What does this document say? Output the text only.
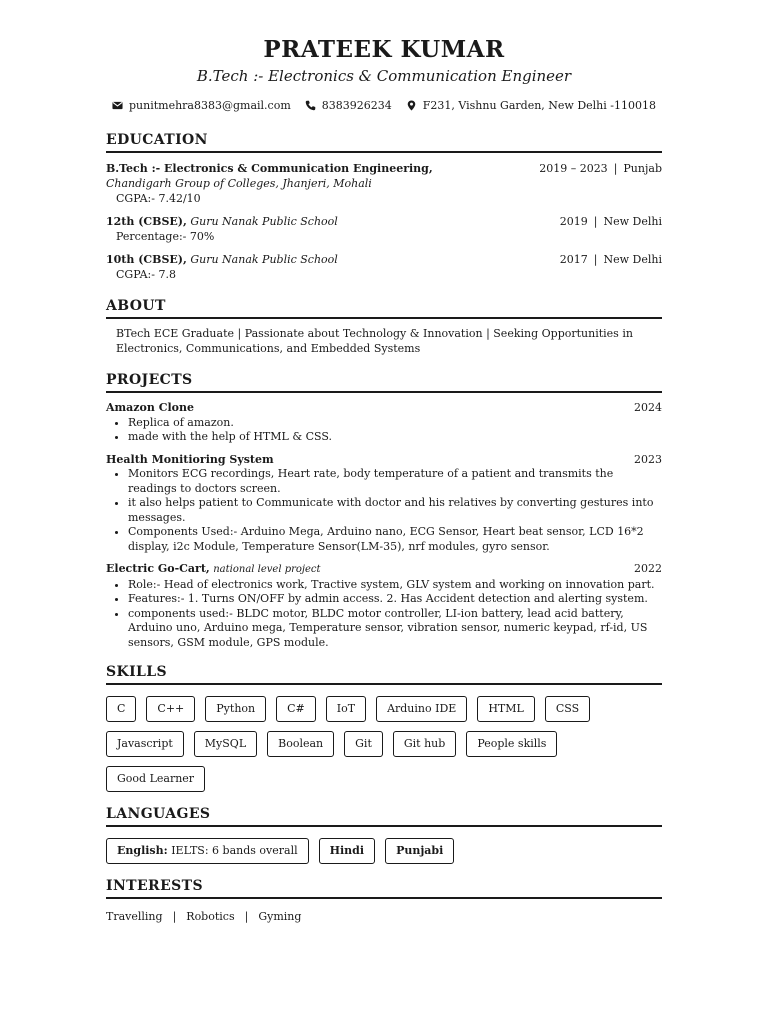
PRATEEK KUMAR
B.Tech :- Electronics & Communication Engineer
punitmehra8383@gmail.com	8383926234	F231, Vishnu Garden, New Delhi -110018
EDUCATION
B.Tech :- Electronics & Communication Engineering,	2019 – 2023 | Punjab
Chandigarh Group of Colleges, Jhanjeri, Mohali
CGPA:- 7.42/10
12th (CBSE), Guru Nanak Public School	2019 | New Delhi
Percentage:- 70%
10th (CBSE), Guru Nanak Public School	2017 | New Delhi
CGPA:- 7.8
ABOUT
BTech ECE Graduate | Passionate about Technology & Innovation | Seeking Opportunities in Electronics, Communications, and Embedded Systems
PROJECTS
Amazon Clone	2024
• Replica of amazon.
• made with the help of HTML & CSS.
Health Monitioring System	2023
• Monitors ECG recordings, Heart rate, body temperature of a patient and transmits the readings to doctors screen.
• it also helps patient to Communicate with doctor and his relatives by converting gestures into messages.
• Components Used:- Arduino Mega, Arduino nano, ECG Sensor, Heart beat sensor, LCD 16*2 display, i2c Module, Temperature Sensor(LM-35), nrf modules, gyro sensor.
Electric Go-Cart, national level project	2022
• Role:- Head of electronics work, Tractive system, GLV system and working on innovation part.
• Features:- 1. Turns ON/OFF by admin access. 2. Has Accident detection and alerting system.
• components used:- BLDC motor, BLDC motor controller, LI-ion battery, lead acid battery, Arduino uno, Arduino mega, Temperature sensor, vibration sensor, numeric keypad, rf-id, US sensors, GSM module, GPS module.
SKILLS
C	C++	Python	C#	IoT	Arduino IDE	HTML	CSS
Javascript	MySQL	Boolean	Git	Git hub	People skills
Good Learner
LANGUAGES
English: IELTS: 6 bands overall	Hindi	Punjabi
INTERESTS
Travelling | Robotics | Gyming
